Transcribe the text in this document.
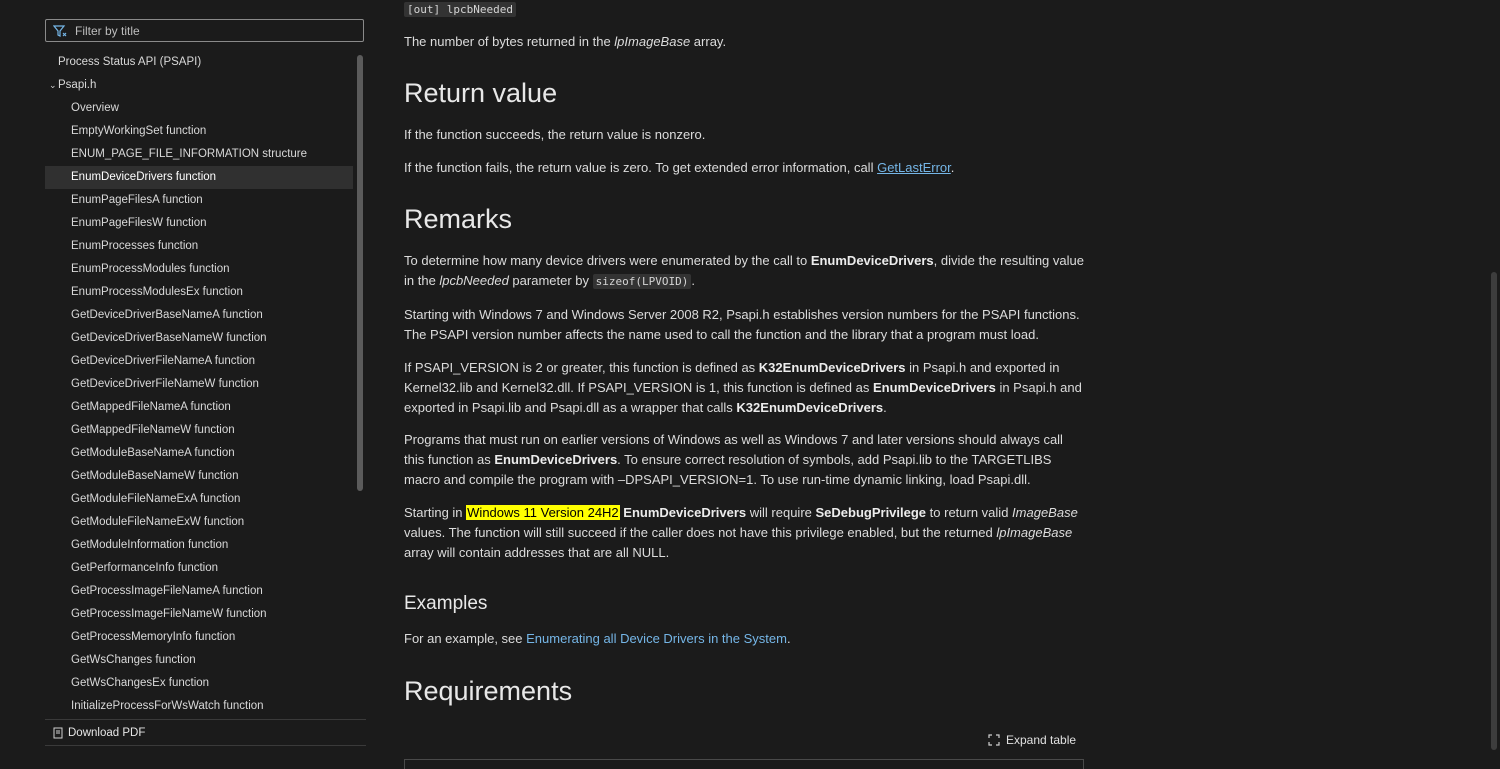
Filter by title
Process Status API (PSAPI)
⌄ Psapi.h
Overview
EmptyWorkingSet function
ENUM_PAGE_FILE_INFORMATION structure
EnumDeviceDrivers function
EnumPageFilesA function
EnumPageFilesW function
EnumProcesses function
EnumProcessModules function
EnumProcessModulesEx function
GetDeviceDriverBaseNameA function
GetDeviceDriverBaseNameW function
GetDeviceDriverFileNameA function
GetDeviceDriverFileNameW function
GetMappedFileNameA function
GetMappedFileNameW function
GetModuleBaseNameA function
GetModuleBaseNameW function
GetModuleFileNameExA function
GetModuleFileNameExW function
GetModuleInformation function
GetPerformanceInfo function
GetProcessImageFileNameA function
GetProcessImageFileNameW function
GetProcessMemoryInfo function
GetWsChanges function
GetWsChangesEx function
InitializeProcessForWsWatch function
Download PDF
[out] lpcbNeeded

The number of bytes returned in the lpImageBase array.

Return value

If the function succeeds, the return value is nonzero.

If the function fails, the return value is zero. To get extended error information, call GetLastError.

Remarks

To determine how many device drivers were enumerated by the call to EnumDeviceDrivers, divide the resulting value in the lpcbNeeded parameter by sizeof(LPVOID) .

Starting with Windows 7 and Windows Server 2008 R2, Psapi.h establishes version numbers for the PSAPI functions. The PSAPI version number affects the name used to call the function and the library that a program must load.

If PSAPI_VERSION is 2 or greater, this function is defined as K32EnumDeviceDrivers in Psapi.h and exported in Kernel32.lib and Kernel32.dll. If PSAPI_VERSION is 1, this function is defined as EnumDeviceDrivers in Psapi.h and exported in Psapi.lib and Psapi.dll as a wrapper that calls K32EnumDeviceDrivers.

Programs that must run on earlier versions of Windows as well as Windows 7 and later versions should always call this function as EnumDeviceDrivers. To ensure correct resolution of symbols, add Psapi.lib to the TARGETLIBS macro and compile the program with –DPSAPI_VERSION=1. To use run-time dynamic linking, load Psapi.dll.

Starting in Windows 11 Version 24H2 EnumDeviceDrivers will require SeDebugPrivilege to return valid ImageBase values. The function will still succeed if the caller does not have this privilege enabled, but the returned lpImageBase array will contain addresses that are all NULL.

Examples

For an example, see Enumerating all Device Drivers in the System.

Requirements
Expand table
